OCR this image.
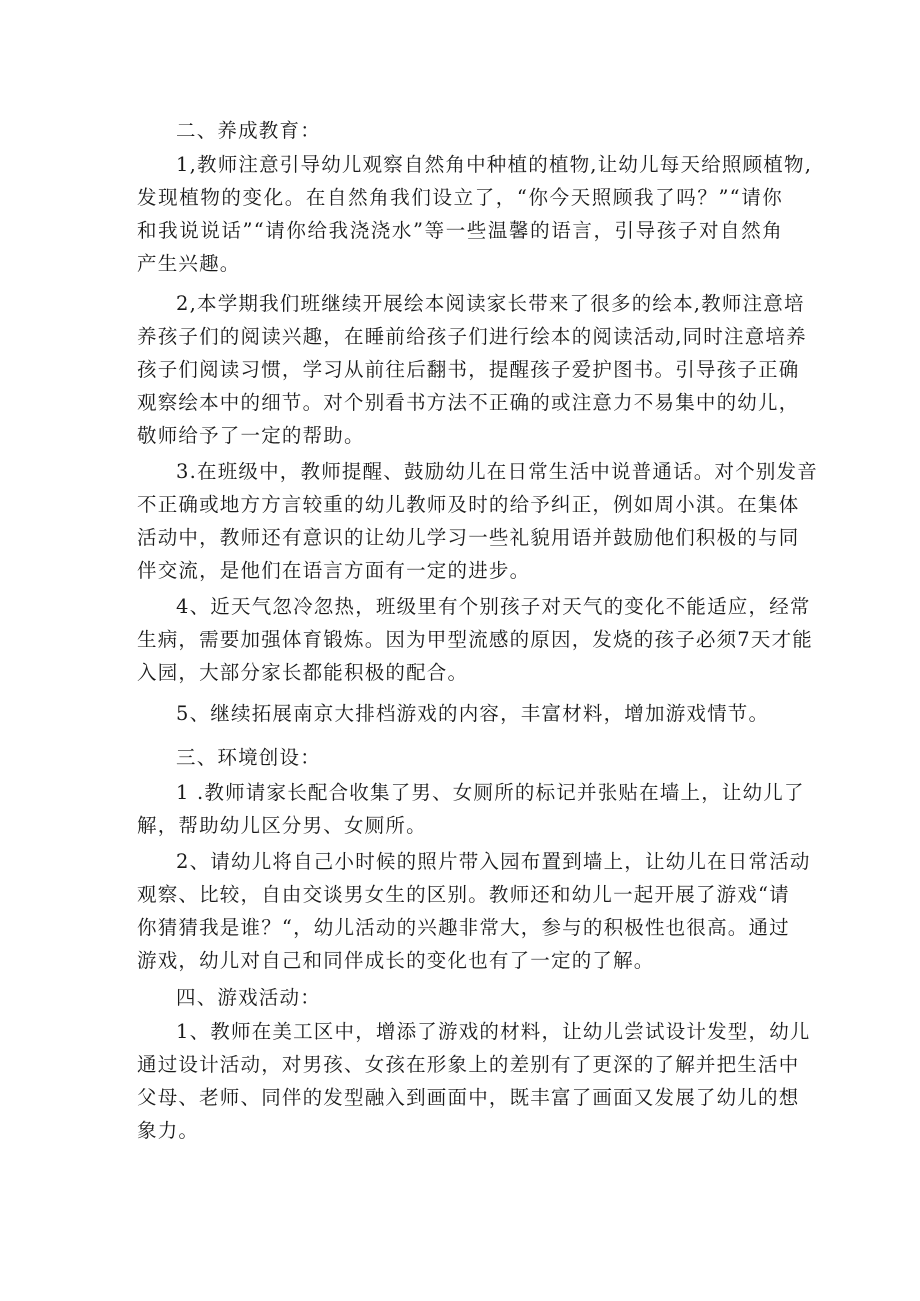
二、养成教育：
1,教师注意引导幼儿观察自然角中种植的植物,让幼儿每天给照顾植物,
发现植物的变化。在自然角我们设立了，“你今天照顾我了吗？”“请你
和我说说话”“请你给我浇浇水”等一些温馨的语言，引导孩子对自然角
产生兴趣。
2,本学期我们班继续开展绘本阅读家长带来了很多的绘本,教师注意培
养孩子们的阅读兴趣，在睡前给孩子们进行绘本的阅读活动,同时注意培养
孩子们阅读习惯，学习从前往后翻书，提醒孩子爱护图书。引导孩子正确
观察绘本中的细节。对个别看书方法不正确的或注意力不易集中的幼儿，
敬师给予了一定的帮助。
3.在班级中，教师提醒、鼓励幼儿在日常生活中说普通话。对个别发音
不正确或地方方言较重的幼儿教师及时的给予纠正，例如周小淇。在集体
活动中，教师还有意识的让幼儿学习一些礼貌用语并鼓励他们积极的与同
伴交流，是他们在语言方面有一定的进步。
4、近天气忽冷忽热，班级里有个别孩子对天气的变化不能适应，经常
生病，需要加强体育锻炼。因为甲型流感的原因，发烧的孩子必须7天才能
入园，大部分家长都能积极的配合。
5、继续拓展南京大排档游戏的内容，丰富材料，增加游戏情节。
三、环境创设：
1 .教师请家长配合收集了男、女厕所的标记并张贴在墙上，让幼儿了
解，帮助幼儿区分男、女厕所。
2、请幼儿将自己小时候的照片带入园布置到墙上，让幼儿在日常活动
观察、比较，自由交谈男女生的区别。教师还和幼儿一起开展了游戏“请
你猜猜我是谁？“，幼儿活动的兴趣非常大，参与的积极性也很高。通过
游戏，幼儿对自己和同伴成长的变化也有了一定的了解。
四、游戏活动：
1、教师在美工区中，增添了游戏的材料，让幼儿尝试设计发型，幼儿
通过设计活动，对男孩、女孩在形象上的差别有了更深的了解并把生活中
父母、老师、同伴的发型融入到画面中，既丰富了画面又发展了幼儿的想
象力。
